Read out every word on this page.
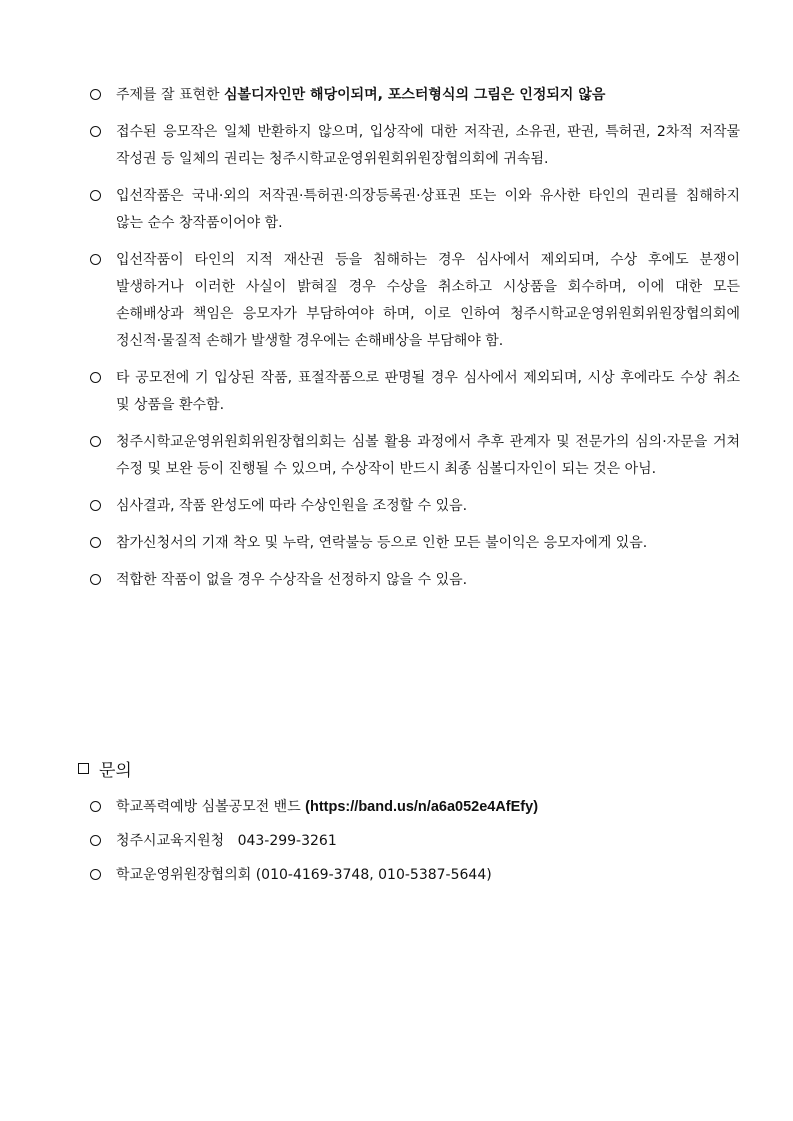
주제를 잘 표현한 심볼디자인만 해당이되며, 포스터형식의 그림은 인정되지 않음
접수된 응모작은 일체 반환하지 않으며, 입상작에 대한 저작권, 소유권, 판권, 특허권, 2차적 저작물 작성권 등 일체의 권리는 청주시학교운영위원회위원장협의회에 귀속됨.
입선작품은 국내·외의 저작권·특허권·의장등록권·상표권 또는 이와 유사한 타인의 권리를 침해하지 않는 순수 창작품이어야 함.
입선작품이 타인의 지적 재산권 등을 침해하는 경우 심사에서 제외되며, 수상 후에도 분쟁이 발생하거나 이러한 사실이 밝혀질 경우 수상을 취소하고 시상품을 회수하며, 이에 대한 모든 손해배상과 책임은 응모자가 부담하여야 하며, 이로 인하여 청주시학교운영위원회위원장협의회에 정신적·물질적 손해가 발생할 경우에는 손해배상을 부담해야 함.
타 공모전에 기 입상된 작품, 표절작품으로 판명될 경우 심사에서 제외되며, 시상 후에라도 수상 취소 및 상품을 환수함.
청주시학교운영위원회위원장협의회는 심볼 활용 과정에서 추후 관계자 및 전문가의 심의·자문을 거쳐 수정 및 보완 등이 진행될 수 있으며, 수상작이 반드시 최종 심볼디자인이 되는 것은 아님.
심사결과, 작품 완성도에 따라 수상인원을 조정할 수 있음.
참가신청서의 기재 착오 및 누락, 연락불능 등으로 인한 모든 불이익은 응모자에게 있음.
적합한 작품이 없을 경우 수상작을 선정하지 않을 수 있음.
문의
학교폭력예방 심볼공모전 밴드 (https://band.us/n/a6a052e4AfEfy)
청주시교육지원청 043-299-3261
학교운영위원장협의회 (010-4169-3748, 010-5387-5644)
